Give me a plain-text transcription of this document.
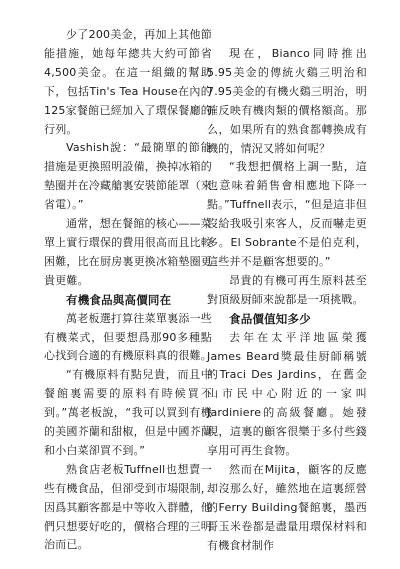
少了200美金，再加上其他節能措施，她每年總共大約可節省4,500美金。在這一組織的幫助下，包括Tin's Tea House在內的125家餐館已經加入了環保餐廳的行列。

Vashish說：“最簡單的節能措施是更換照明設備，換掉冰箱的墊圈并在冷藏艙裏安裝節能罩（來省電）。”

通常，想在餐館的核心——菜單上實行環保的費用很高而且比較困難，比在厨房裏更換冰箱墊圈更貴更難。

有機食品與高價同在

萬老板選打算往菜單裏添一些有機菜式，但要想爲那90多種點心找到合適的有機原料真的很難。

“有機原料有點兒貴，而且中餐館裏需要的原料有時候買不到。”萬老板說，“我可以買到有機的美國芥蘭和甜椒，但是中國芥蘭和小白菜卻買不到。”

熟食店老板Tuffnell也想賣一些有機食品，但卻受到市場限制，因爲其顧客都是中等收入群體，他們只想要好吃的，價格合理的三明治而已。

現在，Bianco同時推出5.95美金的傳統火鷄三明治和7.95美金的有機火鷄三明治，明確反映有機肉類的價格額高。那么，如果所有的熟食都轉換成有機的，情況又將如何呢？

“我想把價格上調一點，這也意味着銷售會相應地下降一點。”Tuffnell表示，“但是這非但沒給我吸引來客人，反而嚇走更多。El Sobrante不是伯克利，這些并不是顧客想要的。”

昂貴的有機可再生原料甚至對頂級厨師來說都是一項挑戰。

食品價值知多少

去年在太平洋地區榮獲James Beard獎最佳厨師稱號的Traci Des Jardins，在舊金山市民中心附近的一家叫Jardiniere的高級餐廳。她發現，這裏的顧客很樂于多付些錢享用可再生食物。

然而在Mijita，顧客的反應却沒那么好，雖然地在這裏經營的Ferry Building餐館裏，墨西哥玉米卷都是盡量用環保材料和有機食材制作
